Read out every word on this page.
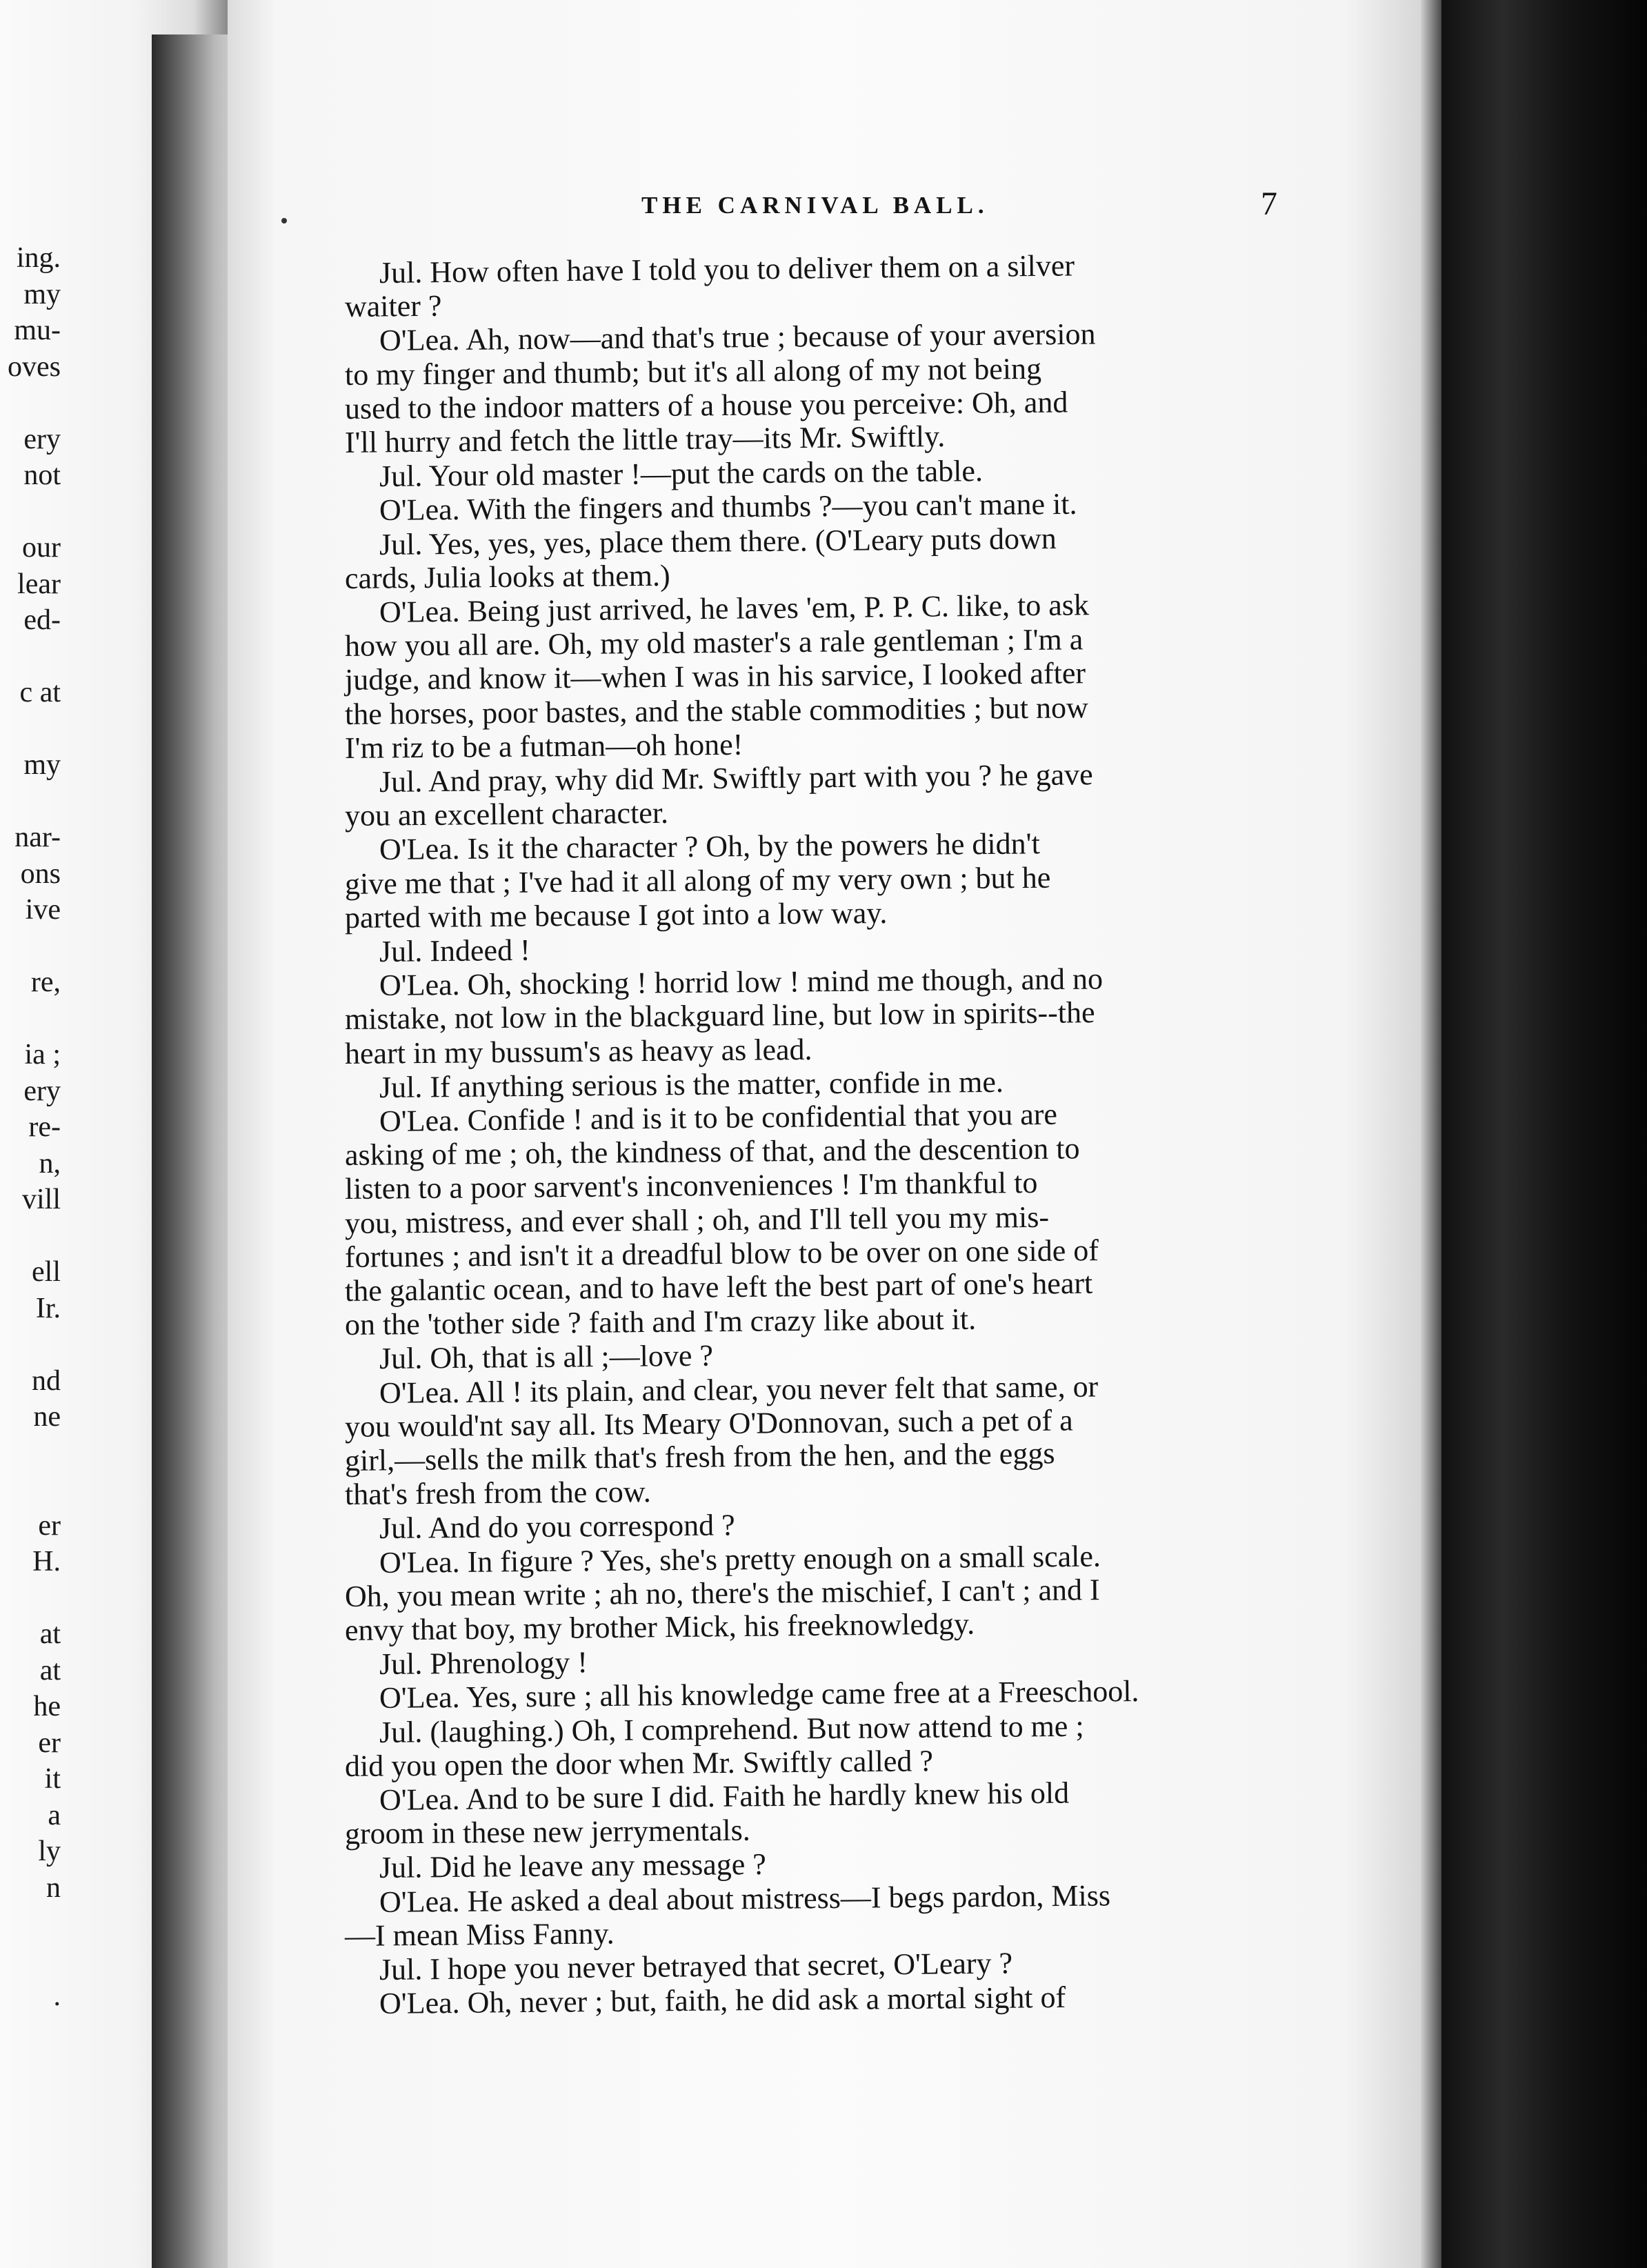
ing.
my
mu-
oves
ery
not
our
lear
ed-
c at
my
nar-
ons
ive
re,
ia ;
ery
re-
n,
vill
ell
Ir.
nd
ne
er
H.
at
at
he
er
it
a
ly
n
.
THE CARNIVAL BALL.	7
Jul. How often have I told you to deliver them on a silver
waiter ?
O'Lea. Ah, now—and that's true ; because of your aversion
to my finger and thumb; but it's all along of my not being
used to the indoor matters of a house you perceive: Oh, and
I'll hurry and fetch the little tray—its Mr. Swiftly.
Jul. Your old master !—put the cards on the table.
O'Lea. With the fingers and thumbs ?—you can't mane it.
Jul. Yes, yes, yes, place them there. (O'Leary puts down
cards, Julia looks at them.)
O'Lea. Being just arrived, he laves 'em, P. P. C. like, to ask
how you all are. Oh, my old master's a rale gentleman ; I'm a
judge, and know it—when I was in his sarvice, I looked after
the horses, poor bastes, and the stable commodities ; but now
I'm riz to be a futman—oh hone!
Jul. And pray, why did Mr. Swiftly part with you ? he gave
you an excellent character.
O'Lea. Is it the character ? Oh, by the powers he didn't
give me that ; I've had it all along of my very own ; but he
parted with me because I got into a low way.
Jul. Indeed !
O'Lea. Oh, shocking ! horrid low ! mind me though, and no
mistake, not low in the blackguard line, but low in spirits--the
heart in my bussum's as heavy as lead.
Jul. If anything serious is the matter, confide in me.
O'Lea. Confide ! and is it to be confidential that you are
asking of me ; oh, the kindness of that, and the descention to
listen to a poor sarvent's inconveniences ! I'm thankful to
you, mistress, and ever shall ; oh, and I'll tell you my mis-
fortunes ; and isn't it a dreadful blow to be over on one side of
the galantic ocean, and to have left the best part of one's heart
on the 'tother side ? faith and I'm crazy like about it.
Jul. Oh, that is all ;—love ?
O'Lea. All ! its plain, and clear, you never felt that same, or
you would'nt say all. Its Meary O'Donnovan, such a pet of a
girl,—sells the milk that's fresh from the hen, and the eggs
that's fresh from the cow.
Jul. And do you correspond ?
O'Lea. In figure ? Yes, she's pretty enough on a small scale.
Oh, you mean write ; ah no, there's the mischief, I can't ; and I
envy that boy, my brother Mick, his freeknowledgy.
Jul. Phrenology !
O'Lea. Yes, sure ; all his knowledge came free at a Freeschool.
Jul. (laughing.) Oh, I comprehend. But now attend to me ;
did you open the door when Mr. Swiftly called ?
O'Lea. And to be sure I did. Faith he hardly knew his old
groom in these new jerrymentals.
Jul. Did he leave any message ?
O'Lea. He asked a deal about mistress—I begs pardon, Miss
—I mean Miss Fanny.
Jul. I hope you never betrayed that secret, O'Leary ?
O'Lea. Oh, never ; but, faith, he did ask a mortal sight of
